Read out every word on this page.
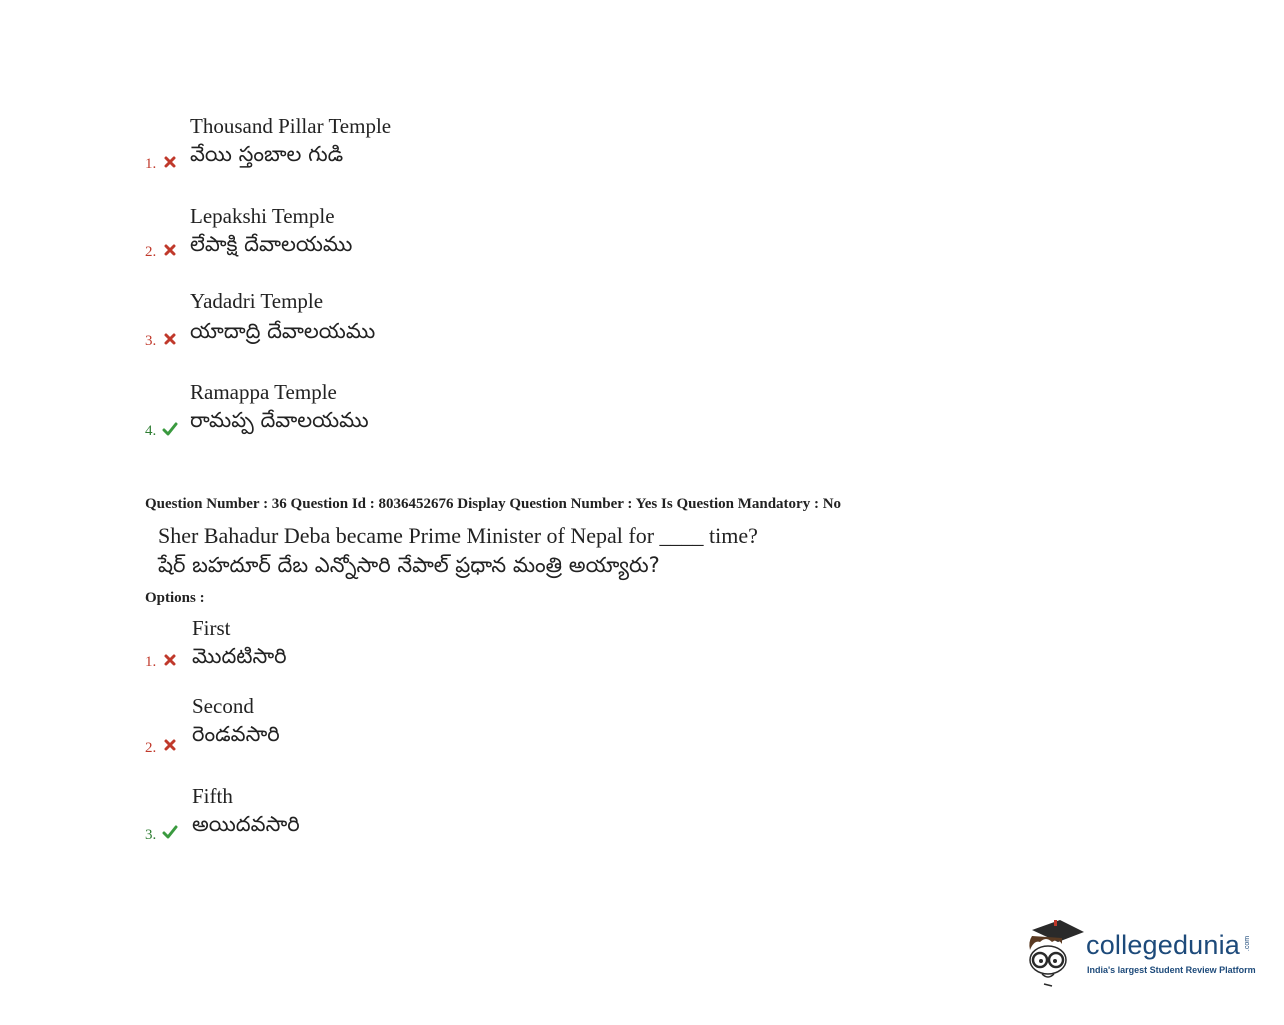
Thousand Pillar Temple
1. వేయి స్తంబాల గుడి
Lepakshi Temple
2. లేపాక్షి దేవాలయము
Yadadri Temple
3. యాదాద్రి దేవాలయము
Ramappa Temple
4. రామప్ప దేవాలయము
Question Number : 36 Question Id : 8036452676 Display Question Number : Yes Is Question Mandatory : No
Sher Bahadur Deba became Prime Minister of Nepal for ____ time?
షేర్ బహదూర్ దేబ ఎన్నోసారి నేపాల్ ప్రధాన మంత్రి అయ్యారు?
Options :
First
1. మొదటిసారి
Second
2.
రెండవసారి
Fifth
3. అయిదవసారి
collegedunia .com
India's largest Student Review Platform
